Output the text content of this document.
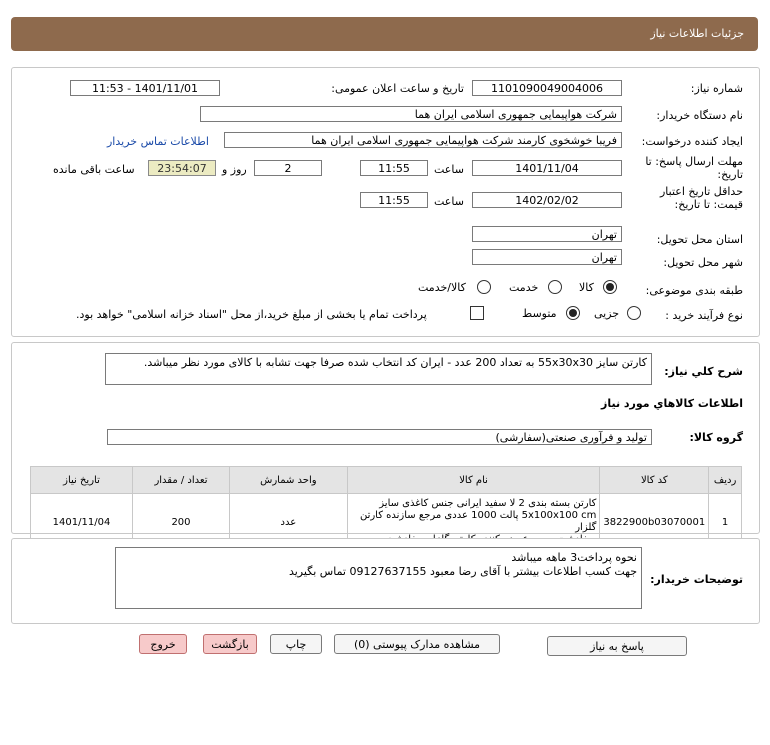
جزئیات اطلاعات نیاز
شماره نیاز:
1101090049004006
تاریخ و ساعت اعلان عمومی:
1401/11/01 - 11:53
نام دستگاه خریدار:
شرکت هواپیمایی جمهوری اسلامی ایران هما
ایجاد کننده درخواست:
فریبا خوشخوی کارمند شرکت هواپیمایی جمهوری اسلامی ایران هما
اطلاعات تماس خریدار
مهلت ارسال پاسخ: تا تاریخ:
1401/11/04
ساعت
11:55
2
روز و
23:54:07
ساعت باقی مانده
حداقل تاریخ اعتبار قیمت: تا تاریخ:
1402/02/02
ساعت
11:55
استان محل تحویل:
تهران
شهر محل تحویل:
تهران
طبقه بندی موضوعی:
کالا
خدمت
کالا/خدمت
نوع فرآیند خرید :
جزیی
متوسط
پرداخت تمام یا بخشی از مبلغ خرید،از محل "اسناد خزانه اسلامی" خواهد بود.
شرح کلي نياز:
کارتن سایز 55x30x30 به تعداد 200 عدد - ایران کد انتخاب شده صرفا جهت تشابه با کالای مورد نظر میباشد.
اطلاعات کالاهاي مورد نياز
گروه کالا:
تولید و فرآوری صنعتی(سفارشی)
ردیف	کد کالا	نام کالا	واحد شمارش	تعداد / مقدار	تاریخ نیاز
1	3822900b03070001	کارتن بسته بندی 2 لا سفید ایرانی جنس کاغذی سایز
5x100x100 cm پالت 1000 عددی مرجع سازنده کارتن گلزار	عدد	200	1401/11/04
توضیحات خریدار:
نحوه پرداخت3 ماهه میباشد
جهت کسب اطلاعات بیشتر با آقای رضا معبود 09127637155 تماس بگیرید
پاسخ به نیاز
مشاهده مدارک پیوستی (0)
چاپ
بازگشت
خروج
